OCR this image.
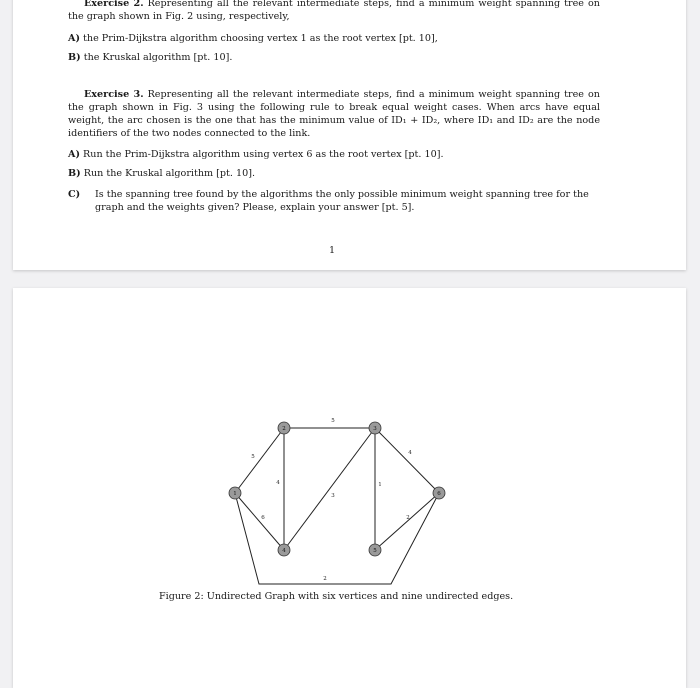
Exercise 2. Representing all the relevant intermediate steps, find a minimum weight spanning tree on the graph shown in Fig. 2 using, respectively,
A) the Prim-Dijkstra algorithm choosing vertex 1 as the root vertex [pt. 10],
B) the Kruskal algorithm [pt. 10].
Exercise 3. Representing all the relevant intermediate steps, find a minimum weight spanning tree on the graph shown in Fig. 3 using the following rule to break equal weight cases. When arcs have equal weight, the arc chosen is the one that has the minimum value of ID₁ + ID₂, where ID₁ and ID₂ are the node identifiers of the two nodes connected to the link.
A) Run the Prim-Dijkstra algorithm using vertex 6 as the root vertex [pt. 10].
B) Run the Kruskal algorithm [pt. 10].
C) Is the spanning tree found by the algorithms the only possible minimum weight spanning tree for the graph and the weights given? Please, explain your answer [pt. 5].
1
5
5
4
4
6
3
1
2
2
1
2	3
4	5
6
Figure 2: Undirected Graph with six vertices and nine undirected edges.
